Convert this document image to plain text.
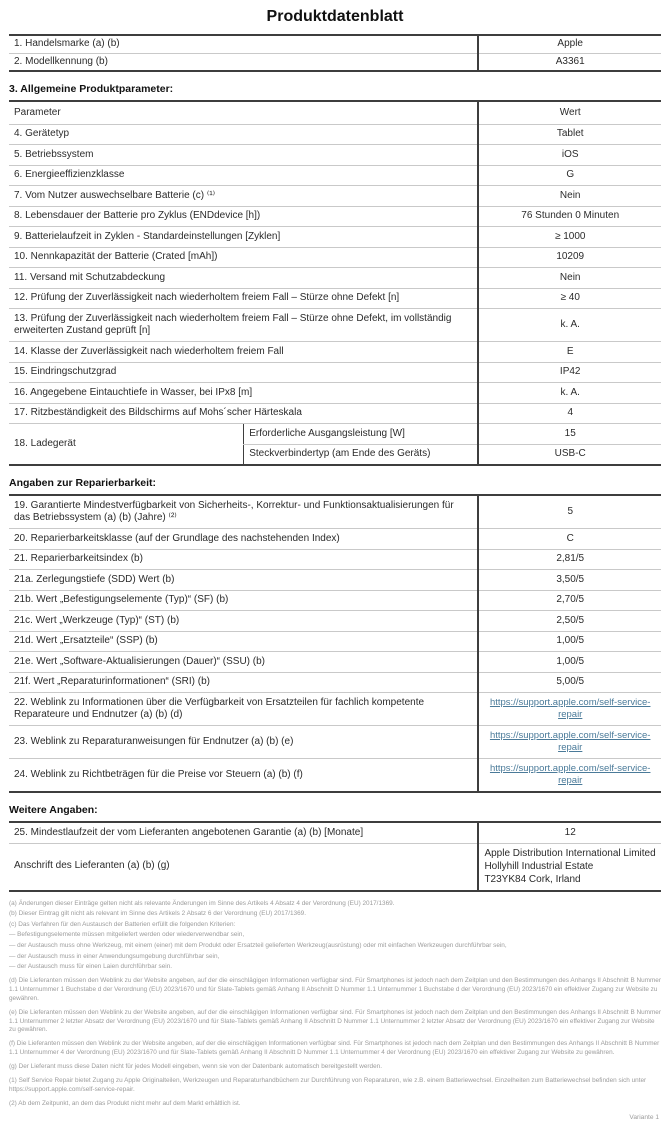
Produktdatenblatt
1. Handelsmarke (a) (b)	Apple
2. Modellkennung (b)	A3361
3. Allgemeine Produktparameter:
Parameter		Wert
4. Gerätetyp		Tablet
5. Betriebssystem		iOS
6. Energieeffizienzklasse		G
7. Vom Nutzer auswechselbare Batterie (c) ⁽¹⁾		Nein
8. Lebensdauer der Batterie pro Zyklus (ENDdevice [h])		76 Stunden 0 Minuten
9. Batterielaufzeit in Zyklen - Standardeinstellungen [Zyklen]		≥ 1000
10. Nennkapazität der Batterie (Crated [mAh])		10209
11. Versand mit Schutzabdeckung		Nein
12. Prüfung der Zuverlässigkeit nach wiederholtem freiem Fall – Stürze ohne Defekt [n]		≥ 40
13. Prüfung der Zuverlässigkeit nach wiederholtem freiem Fall – Stürze ohne Defekt, im vollständig erweiterten Zustand geprüft [n]		k. A.
14. Klasse der Zuverlässigkeit nach wiederholtem freiem Fall		E
15. Eindringschutzgrad		IP42
16. Angegebene Eintauchtiefe in Wasser, bei IPx8 [m]		k. A.
17. Ritzbeständigkeit des Bildschirms auf Mohs´scher Härteskala		4
18. Ladegerät	Erforderliche Ausgangsleistung [W]	15
	Steckverbindertyp (am Ende des Geräts)	USB-C
Angaben zur Reparierbarkeit:
19. Garantierte Mindestverfügbarkeit von Sicherheits-, Korrektur- und Funktionsaktualisierungen für das Betriebssystem (a) (b) (Jahre) ⁽²⁾	5
20. Reparierbarkeitsklasse (auf der Grundlage des nachstehenden Index)	C
21. Reparierbarkeitsindex (b)	2,81/5
21a. Zerlegungstiefe (SDD) Wert (b)	3,50/5
21b. Wert „Befestigungselemente (Typ)“ (SF) (b)	2,70/5
21c. Wert „Werkzeuge (Typ)“ (ST) (b)	2,50/5
21d. Wert „Ersatzteile“ (SSP) (b)	1,00/5
21e. Wert „Software-Aktualisierungen (Dauer)“ (SSU) (b)	1,00/5
21f. Wert „Reparaturinformationen“ (SRI) (b)	5,00/5
22. Weblink zu Informationen über die Verfügbarkeit von Ersatzteilen für fachlich kompetente Reparateure und Endnutzer (a) (b) (d)	https://support.apple.com/self-service-repair
23. Weblink zu Reparaturanweisungen für Endnutzer (a) (b) (e)	https://support.apple.com/self-service-repair
24. Weblink zu Richtbeträgen für die Preise vor Steuern (a) (b) (f)	https://support.apple.com/self-service-repair
Weitere Angaben:
25. Mindestlaufzeit der vom Lieferanten angebotenen Garantie (a) (b) [Monate]	12
Anschrift des Lieferanten (a) (b) (g)	Apple Distribution International Limited
Hollyhill Industrial Estate
T23YK84 Cork, Irland

(a) Änderungen dieser Einträge gelten nicht als relevante Änderungen im Sinne des Artikels 4 Absatz 4 der Verordnung (EU) 2017/1369.

(b) Dieser Eintrag gilt nicht als relevant im Sinne des Artikels 2 Absatz 6 der Verordnung (EU) 2017/1369.

(c) Das Verfahren für den Austausch der Batterien erfüllt die folgenden Kriterien:

— Befestigungselemente müssen mitgeliefert werden oder wiederverwendbar sein,

— der Austausch muss ohne Werkzeug, mit einem (einer) mit dem Produkt oder Ersatzteil gelieferten Werkzeug(ausrüstung) oder mit einfachen Werkzeugen durchführbar sein,

— der Austausch muss in einer Anwendungsumgebung durchführbar sein,

— der Austausch muss für einen Laien durchführbar sein.

(d) Die Lieferanten müssen den Weblink zu der Website angeben, auf der die einschlägigen Informationen verfügbar sind. Für Smartphones ist jedoch nach dem Zeitplan und den Bestimmungen des Anhangs II Abschnitt B Nummer 1.1 Unternummer 1 Buchstabe d der Verordnung (EU) 2023/1670 und für Slate-Tablets gemäß Anhang II Abschnitt D Nummer 1.1 Unternummer 1 Buchstabe d der Verordnung (EU) 2023/1670 ein effektiver Zugang zur Website zu gewähren.

(e) Die Lieferanten müssen den Weblink zu der Website angeben, auf der die einschlägigen Informationen verfügbar sind. Für Smartphones ist jedoch nach dem Zeitplan und den Bestimmungen des Anhangs II Abschnitt B Nummer 1.1 Unternummer 2 letzter Absatz der Verordnung (EU) 2023/1670 und für Slate-Tablets gemäß Anhang II Abschnitt D Nummer 1.1 Unternummer 2 letzter Absatz der Verordnung (EU) 2023/1670 ein effektiver Zugang zur Website zu gewähren.

(f) Die Lieferanten müssen den Weblink zu der Website angeben, auf der die einschlägigen Informationen verfügbar sind. Für Smartphones ist jedoch nach dem Zeitplan und den Bestimmungen des Anhangs II Abschnitt B Nummer 1.1 Unternummer 4 der Verordnung (EU) 2023/1670 und für Slate-Tablets gemäß Anhang II Abschnitt D Nummer 1.1 Unternummer 4 der Verordnung (EU) 2023/1670 ein effektiver Zugang zur Website zu gewähren.

(g) Der Lieferant muss diese Daten nicht für jedes Modell eingeben, wenn sie von der Datenbank automatisch bereitgestellt werden.

(1) Self Service Repair bietet Zugang zu Apple Originalteilen, Werkzeugen und Reparaturhandbüchern zur Durchführung von Reparaturen, wie z.B. einem Batteriewechsel. Einzelheiten zum Batteriewechsel befinden sich unter https://support.apple.com/self-service-repair.

(2) Ab dem Zeitpunkt, an dem das Produkt nicht mehr auf dem Markt erhältlich ist.

Variante 1
